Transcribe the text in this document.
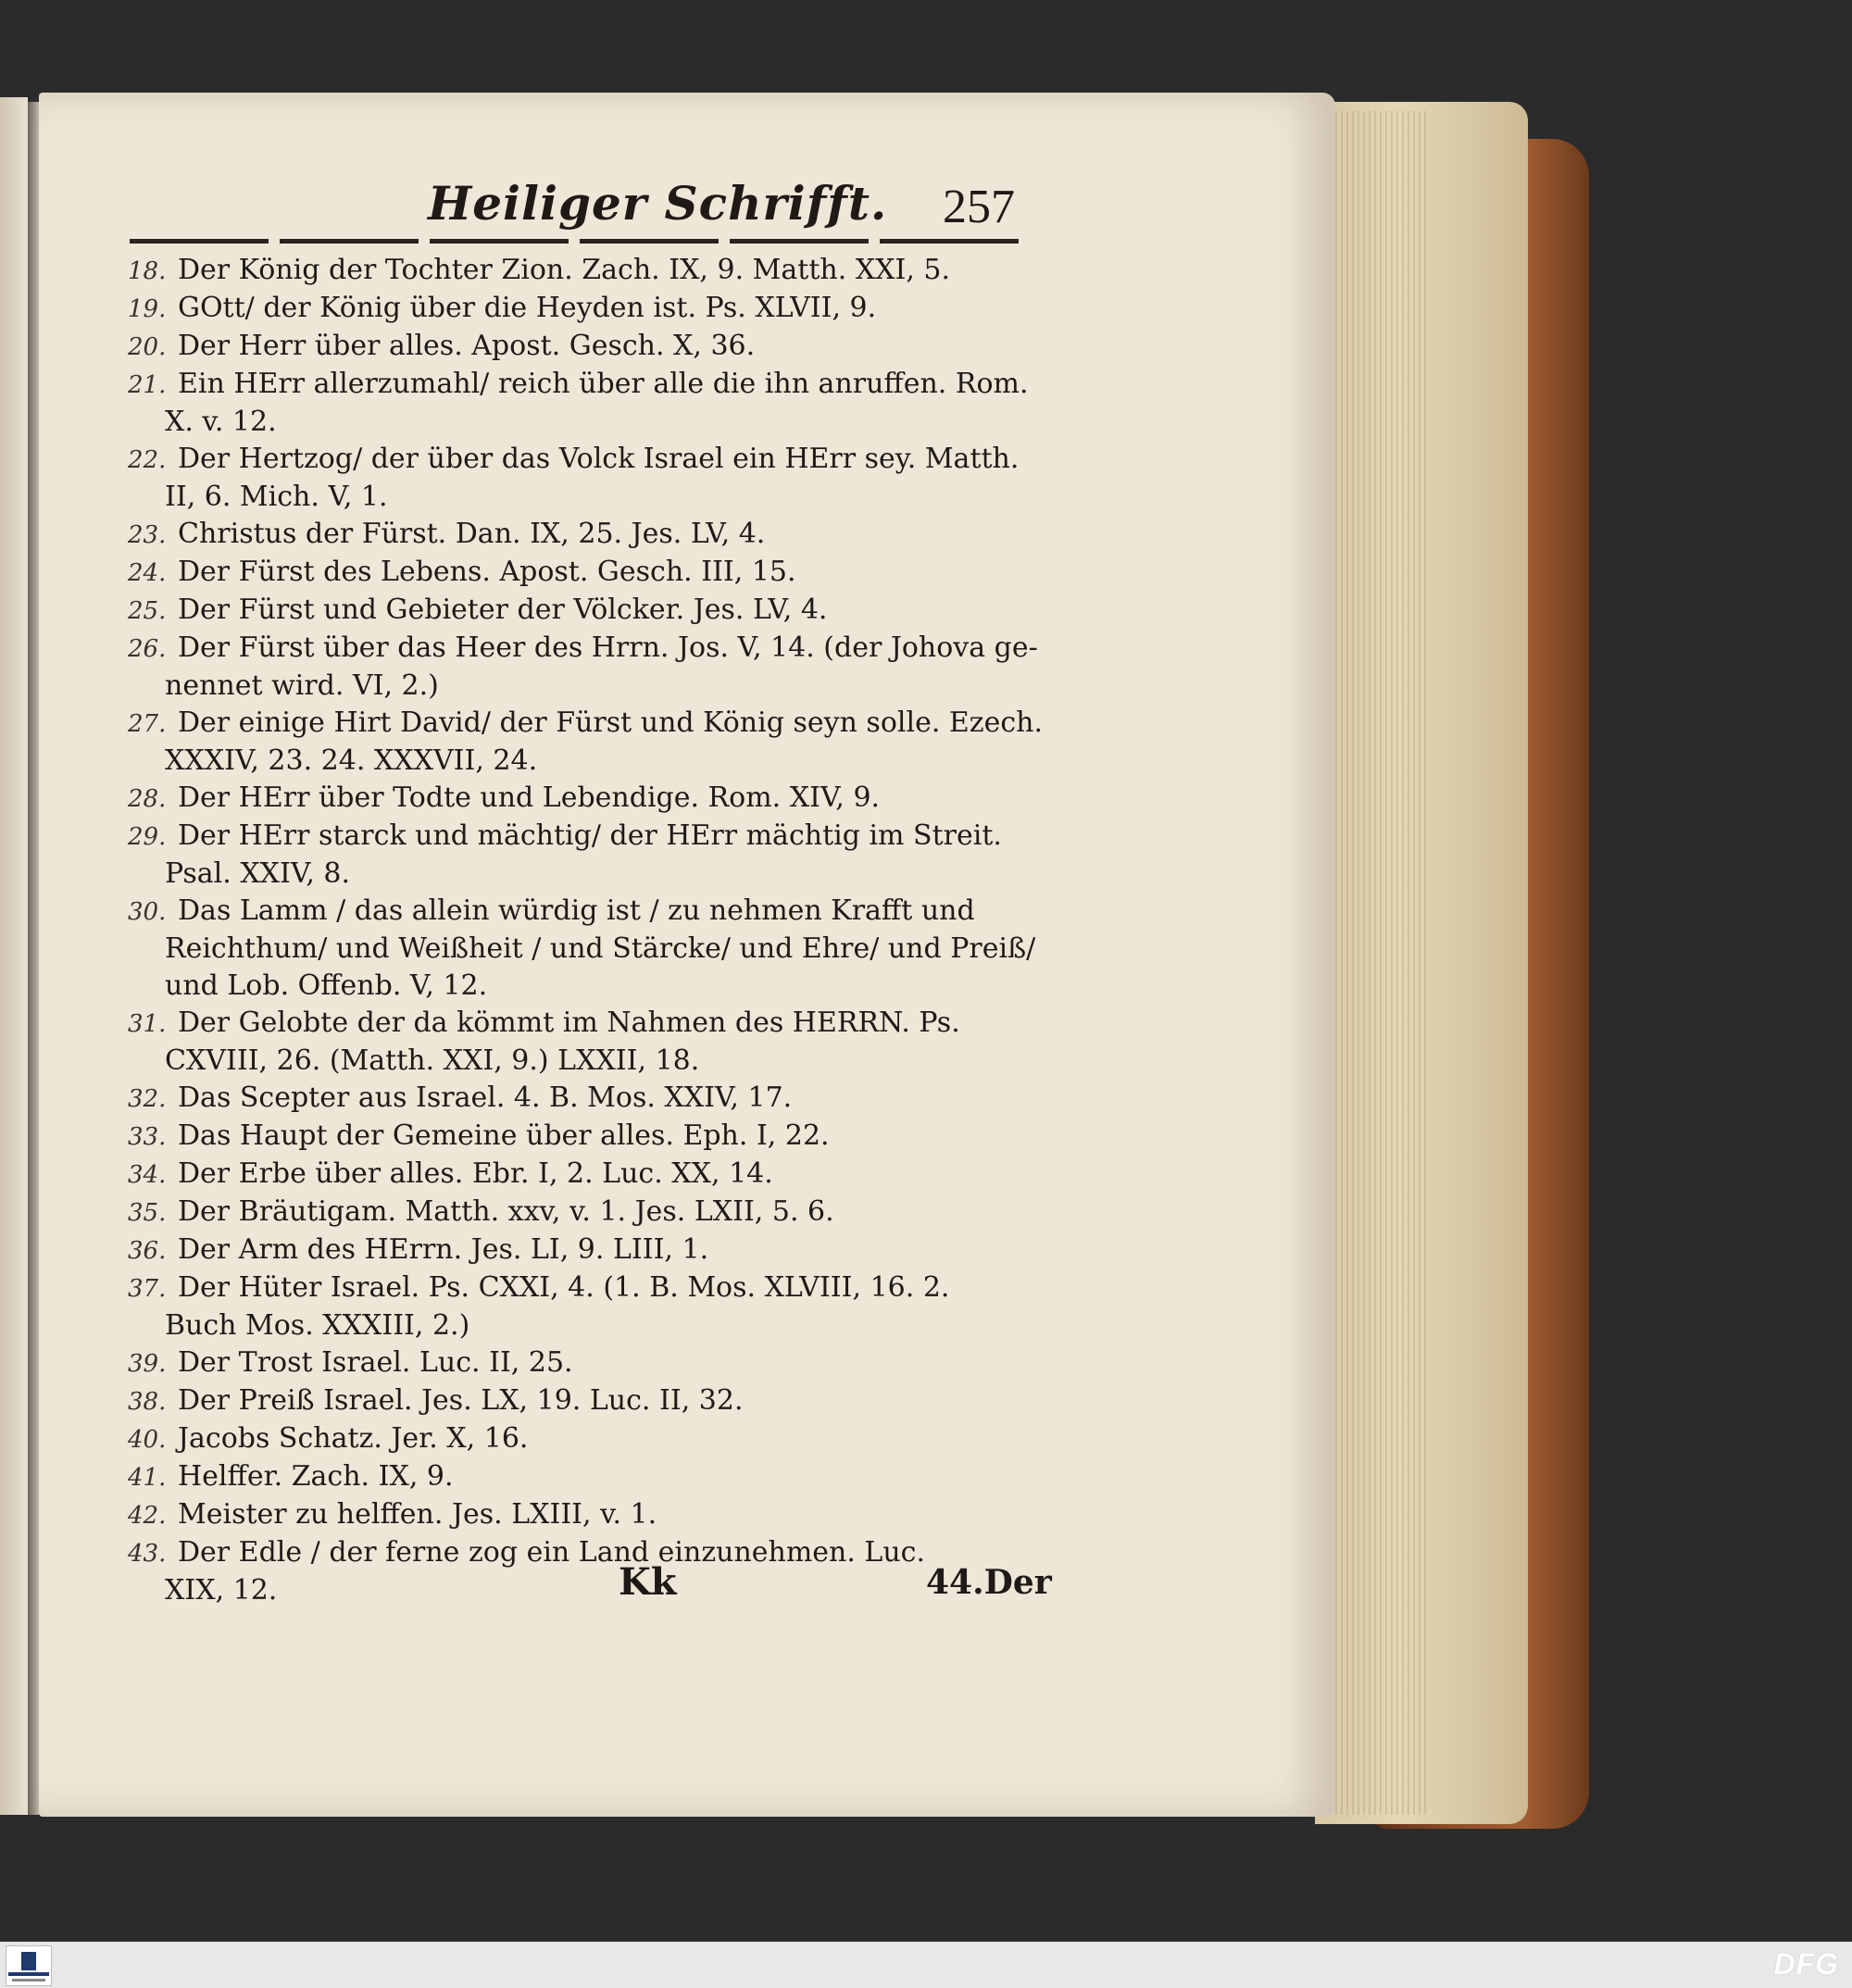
Heiliger Schrifft. 257
18. Der König der Tochter Zion. Zach. IX, 9. Matth. XXI, 5.
19. GOtt/ der König über die Heyden ist. Ps. XLVII, 9.
20. Der Herr über alles. Apost. Gesch. X, 36.
21. Ein HErr allerzumahl/ reich über alle die ihn anruffen. Rom.
X. v. 12.
22. Der Hertzog/ der über das Volck Israel ein HErr sey. Matth.
II, 6. Mich. V, 1.
23. Christus der Fürst. Dan. IX, 25. Jes. LV, 4.
24. Der Fürst des Lebens. Apost. Gesch. III, 15.
25. Der Fürst und Gebieter der Völcker. Jes. LV, 4.
26. Der Fürst über das Heer des Hrrn. Jos. V, 14. (der Johova ge-
nennet wird. VI, 2.)
27. Der einige Hirt David/ der Fürst und König seyn solle. Ezech.
XXXIV, 23. 24. XXXVII, 24.
28. Der HErr über Todte und Lebendige. Rom. XIV, 9.
29. Der HErr starck und mächtig/ der HErr mächtig im Streit.
Psal. XXIV, 8.
30. Das Lamm / das allein würdig ist / zu nehmen Krafft und
Reichthum/ und Weißheit / und Stärcke/ und Ehre/ und Preiß/
und Lob. Offenb. V, 12.
31. Der Gelobte der da kömmt im Nahmen des HERRN. Ps.
CXVIII, 26. (Matth. XXI, 9.) LXXII, 18.
32. Das Scepter aus Israel. 4. B. Mos. XXIV, 17.
33. Das Haupt der Gemeine über alles. Eph. I, 22.
34. Der Erbe über alles. Ebr. I, 2. Luc. XX, 14.
35. Der Bräutigam. Matth. xxv, v. 1. Jes. LXII, 5. 6.
36. Der Arm des HErrn. Jes. LI, 9. LIII, 1.
37. Der Hüter Israel. Ps. CXXI, 4. (1. B. Mos. XLVIII, 16. 2.
Buch Mos. XXXIII, 2.)
39. Der Trost Israel. Luc. II, 25.
38. Der Preiß Israel. Jes. LX, 19. Luc. II, 32.
40. Jacobs Schatz. Jer. X, 16.
41. Helffer. Zach. IX, 9.
42. Meister zu helffen. Jes. LXIII, v. 1.
43. Der Edle / der ferne zog ein Land einzunehmen. Luc.
XIX, 12.	Kk	44.Der
DFG
